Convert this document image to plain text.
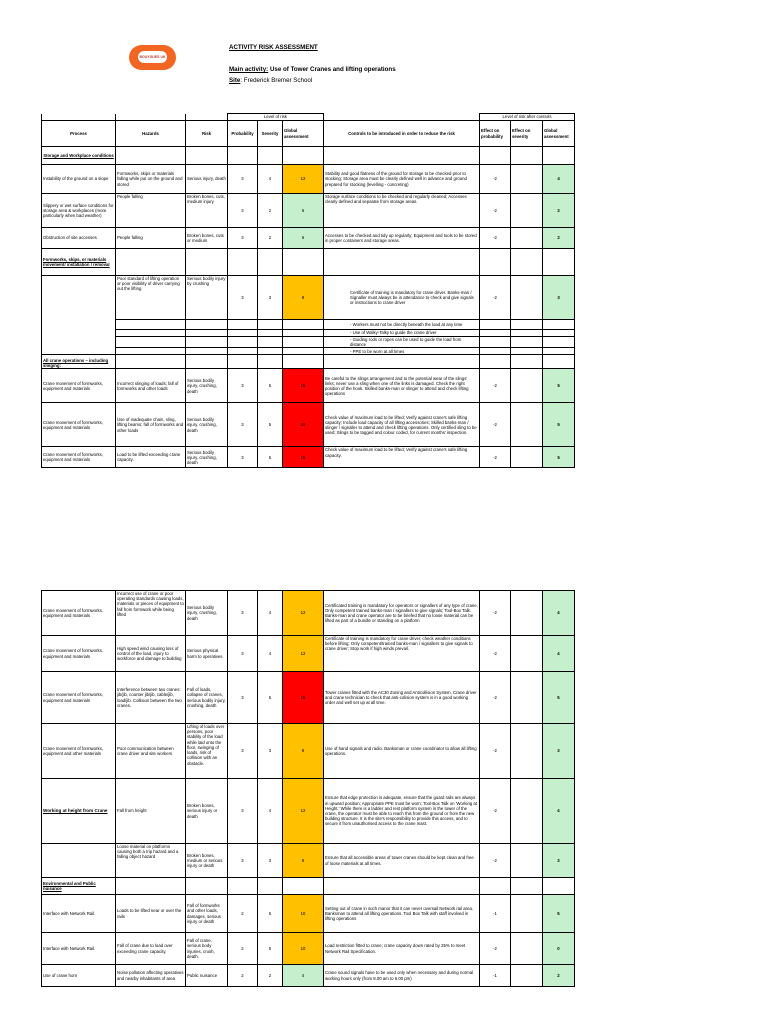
BOUYGUES UK
ACTIVITY RISK ASSESSMENT
Main activity: Use of Tower Cranes and lifting operations
Site: Frederick Bremer School
			Level of risk				Level of risk after controls		
Process	Hazards	Risk	Probability	Severity	Global assessment	Controls to be introduced in order to reduce the risk	Effect on probability	Effect on severity	Global assessment
Storage and Workplace conditions									
Instability of the ground on a slope	Formworks, skips or materials falling while put on the ground and stored	Serious injury, death	3	4	12	Stability and good flatness of the ground for storage to be checked prior to stocking; Storage area must be clearly defined well in advance and ground prepared for stocking (levelling - concreting)	-2		4
Slippery or wet surface conditions for storage area & workplaces (more particularly when bad weather)	People falling	Broken bones, cuts, medium injury	3	2	6	Storage surface conditions to be checked and regularly cleaned; Accesses clearly defined and separate from storage areas.	-2		2
Obstruction of site accesses	People falling	Broken bones, cuts or medium	3	2	6	Accesses to be checked and tidy up regularly; Equipment and tools to be stored in proper containers and storage areas.	-2		2
Formworks, skips, or materials movement/ installation / removal									
	Poor standard of lifting operation or poor visibility of driver carrying out the lifting	Serious bodily injury by crushing	3	3	9	Certificate of training is mandatory for crane driver. Banks-man / Signaller must always be in attendance to check and give signals or instructions to crane driver	-2		3
						- Workers must not be directly beneath the load at any time			
						- Use of Walky-Talky to guide the crane driver			
						- Guiding rods or ropes can be used to guide the load from distance			
						- PPE to be worn at all times			
All crane operations – including slinging:									
Crane movement of formworks, equipment and materials	Incorrect slinging of loads; fall of formworks and other loads	Serious bodily injury, crushing, death	3	5	15	Be careful to the slings arrangement and to the potential wear of the slings' links; never use a sling when one of the links is damaged. Check the right position of the hook. Skilled banks-man or slinger to attend and check lifting operations	-2		5
Crane movement of formworks, equipment and materials	Use of inadequate chain, sling, lifting beams; fall of formworks and other loads	Serious bodily injury, crushing, death	3	5	15	Check value of maximum load to be lifted; Verify against crane's safe lifting capacity; Include load capacity of all lifting accessories; Skilled banks-man / slinger / signaller to attend and check lifting operations. Only certified sling to be used; Slings to be tagged and colour coded, for current months' inspection.	-2		5
Crane movement of formworks, equipment and materials	Load to be lifted exceeding crane capacity.	Serious bodily injury, crushing, death	3	5	15	Check value of maximum load to be lifted; Verify against crane's safe lifting capacity.	-2		5
Crane movement of formworks, equipment and materials	Incorrect use of crane or poor operating standards causing loads, materials or pieces of equipment to fall from formwork while being lifted	Serious bodily injury, crushing, death	3	4	12	Certificated training is mandatory for operators or signallers of any type of crane, Only competent trained banks-man / signallers to give signals; Tool-Box Talk. Banks-man and crane operator are to be briefed that no loose material can be lifted as part of a bundle or standing on a platform	-2		4
Crane movement of formworks, equipment and materials	High speed wind causing loss of control of the load, injury to workforce and damage to building	Serious physical harm to operatives	3	4	12	Certificate of training is mandatory for crane driver, check weather conditions before lifting; Only competent/trained banks-man / signallers to give signals to crane driver; Stop work if high winds prevail.	-2		4
Crane movement of formworks, equipment and materials	Interference between two cranes: jib/jib, counter jib/jib, cable/jib, load/jib. Collision between the two cranes.	Fall of loads, collapse of cranes, serious bodily injury, crushing, death	3	5	15	Tower cranes fitted with the AC30 Zoning and Anticollision System. Crane driver and crane technician to check that anti-colision system is in a good working order and well set up at all time.	-2		5
Crane movement of formworks, equipment and other materials	Poor communication between crane driver and site workers	Lifting of loads over persons, poor stability of the load while laid onto the floor, swinging of loads, risk of collision with an obstacle.	3	3	9	Use of hand signals and radio. Banksman or crane coordinator to allow all lifting operations.	-2		3
Working at height from Crane	Fall from height	Broken bones, serious injury or death	3	4	12	Ensure that edge protection is adequate, ensure that the guard rails are always in upward position; Appropriate PPE must be worn; Tool-Box Talk on 'Working at Height.' While there is a ladder and rest platform system in the tower of the crane, the operator must be able to reach this from the ground or from the new building structure. It is the site's responsibility to provide this access, and to secure it from unauthorised access to the crane mast.	-2		4
	Loose material on platforms causing both a trip hazard and a falling object hazard	Broken bones, medium or serious injury or death	3	3	9	Ensure that all accessible areas of tower cranes should be kept clean and free of loose materials at all times.	-2		3
Environmental and Public nuisance									
Interface with Network Rail.	Loads to be lifted near or over the rails	Fall of formworks and other loads, damages, serious injury or death	2	5	10	Setting out of crane in such manor that it can never oversail Network rail area. Banksman to attend all lifting operations. Tool Box Talk with staff involved in lifting operations	-1		5
Interface with Network Rail.	Fall of crane due to load over exceeding crane capacity.	Fall of crane, serious body injuries, crush, death.	2	5	10	Load restriction fitted to crane; crane capacity down rated by 25% to meet Network Rail Specification.	-2		0
Use of crane horn	Noise pollution affecting operatives and nearby inhabitants of area	Public nuisance	2	2	4	Crane sound signals have to be used only when necessary and during normal working hours only (from 8.00 am to 6.00 pm)	-1		2
